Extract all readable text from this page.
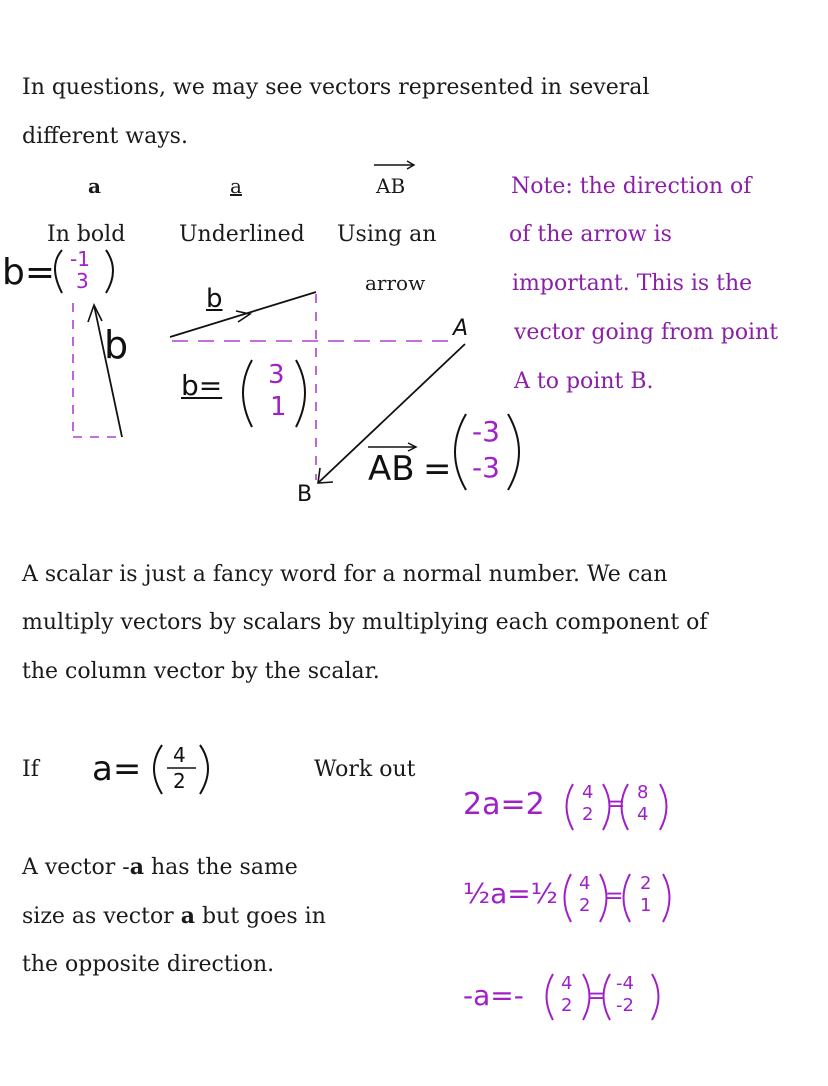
In questions, we may see vectors represented in several
different ways.
a	a	AB
In bold Underlined Using an
arrow
Note: the direction of
of the arrow is
important. This is the
vector going from point
A to point B.
b= -1
3
b
b
b= 3
1
A
B
AB =
-3
-3
A scalar is just a fancy word for a normal number. We can
multiply vectors by scalars by multiplying each component of
the column vector by the scalar.
If a= 4
2	Work out
A vector -a has the same
size as vector a but goes in
the opposite direction.
2a=2 4
2 = 8
4
½a=½ 4
2 =
2
1
-a=- 4
2 =
-4
-2
